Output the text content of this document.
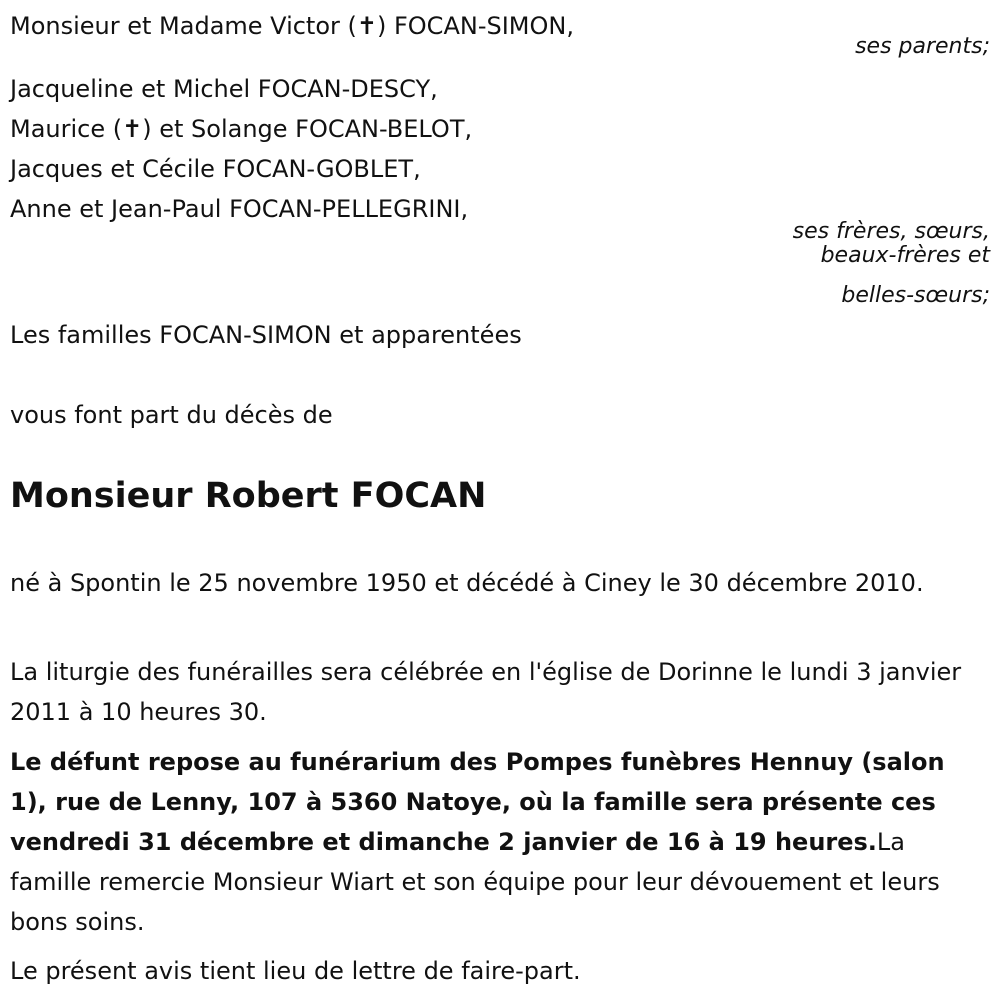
Monsieur et Madame Victor (✝) FOCAN-SIMON,

ses parents;

Jacqueline et Michel FOCAN-DESCY,

Maurice (✝) et Solange FOCAN-BELOT,

Jacques et Cécile FOCAN-GOBLET,

Anne et Jean-Paul FOCAN-PELLEGRINI,

ses frères, sœurs,

beaux-frères et

belles-sœurs;

Les familles FOCAN-SIMON et apparentées

vous font part du décès de

Monsieur Robert FOCAN

né à Spontin le 25 novembre 1950 et décédé à Ciney le 30 décembre 2010.

La liturgie des funérailles sera célébrée en l'église de Dorinne le lundi 3 janvier 2011 à 10 heures 30.

Le défunt repose au funérarium des Pompes funèbres Hennuy (salon 1), rue de Lenny, 107 à 5360 Natoye, où la famille sera présente ces vendredi 31 décembre et dimanche 2 janvier de 16 à 19 heures.La famille remercie Monsieur Wiart et son équipe pour leur dévouement et leurs bons soins.

Le présent avis tient lieu de lettre de faire-part.
